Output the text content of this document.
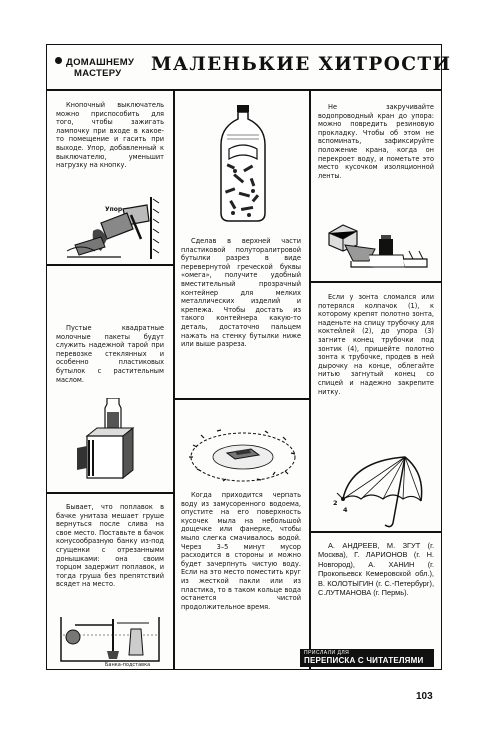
ДОМАШНЕМУ
МАСТЕРУ	МАЛЕНЬКИЕ ХИТРОСТИ

Кнопочный выключатель можно приспособить для того, чтобы зажигать лампочку при входе в какое-то помещение и гасить при выходе. Упор, добавленный к выключателю, уменьшит нагрузку на кнопку.

Упор

Пустые квадратные молочные пакеты будут служить надежной тарой при перевозке стеклянных и особенно пластиковых бутылок с растительным маслом.

Бывает, что поплавок в бачке унитаза мешает груше вернуться после слива на свое место. Поставьте в бачок конусообразную банку из-под сгущенки с отрезанными донышками: она своим торцом задержит поплавок, и тогда груша без препятствий вcядет на место.

Банка-подставка

Сделав в верхней части пластиковой полуторалитровой бутылки разрез в виде перевернутой греческой буквы «омега», получите удобный вместительный прозрачный контейнер для мелких металлических изделий и крепежа. Чтобы достать из такого контейнера какую-то деталь, достаточно пальцем нажать на стенку бутылки ниже или выше разреза.

Когда приходится черпать воду из замусоренного водоема, опустите на его поверхность кусочек мыла на небольшой дощечке или фанерке, чтобы мыло слегка смачивалось водой. Через 3–5 минут мусор расходится в стороны и можно будет зачерпнуть чистую воду. Если на это место поместить круг из жесткой пакли или из пластика, то в таком кольце вода останется чистой продолжительное время.

Не закручивайте водопроводный кран до упора: можно повредить резиновую прокладку. Чтобы об этом не вспоминать, зафиксируйте положение крана, когда он перекроет воду, и пометьте это место кусочком изоляционной ленты.

Если у зонта сломался или потерялся колпачок (1), к которому крепят полотно зонта, наденьте на спицу трубочку для коктейлей (2), до упора (3) загните конец трубочки под зонтик (4), пришейте полотно зонта к трубочке, продев в ней дырочку на конце, облегайте нитью загнутый конец со спицей и надежно закрепите нитку.

2
4

А. АНДРЕЕВ, М. ЗГУТ (г. Москва), Г. ЛАРИОНОВ (г. Н. Новгород), А. ХАНИН (г. Прокопьевск Кемеровской обл.), В. КОЛОТЫГИН (г. С.-Петербург), С.ЛУТМАНОВА (г. Пермь).

ПРИСЛАЛИ ДЛЯ
ПЕРЕПИСКА С ЧИТАТЕЛЯМИ
103
